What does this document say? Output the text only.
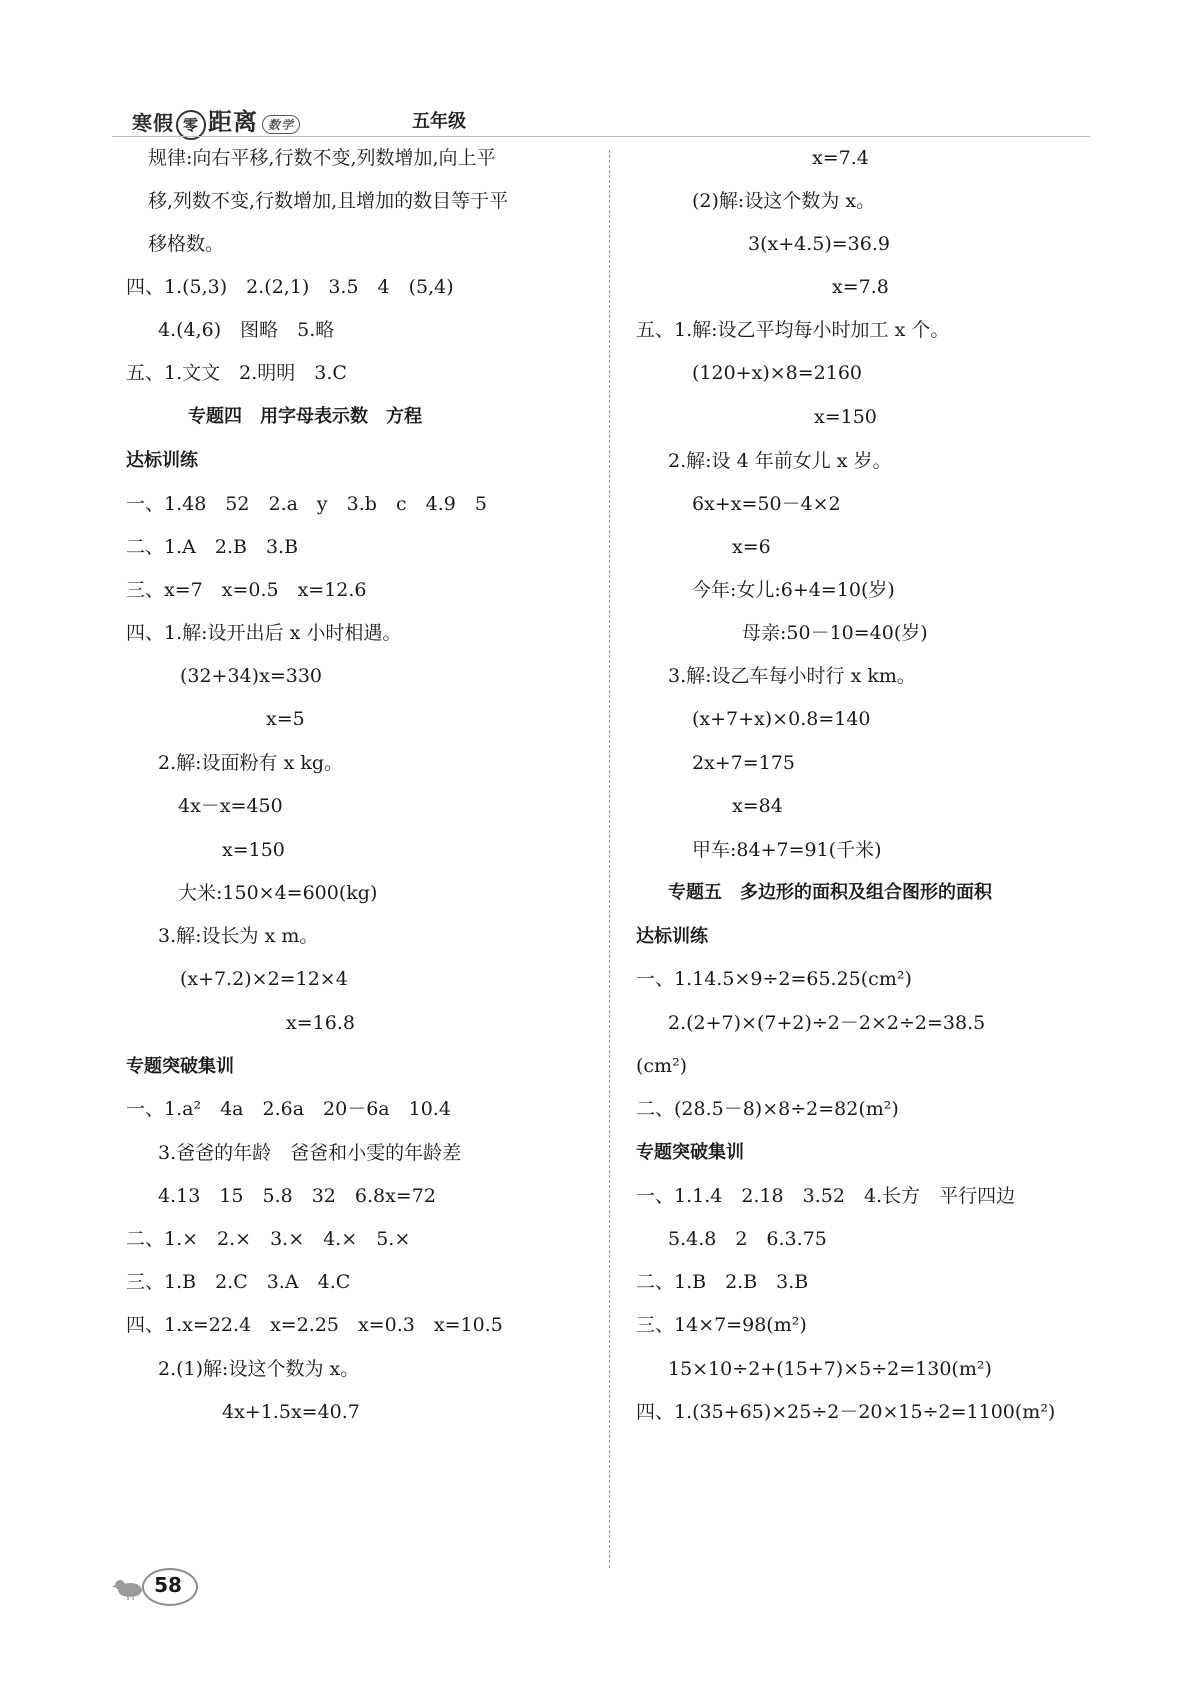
寒假 零 距离 数学	五年级
规律:向右平移,行数不变,列数增加,向上平
移,列数不变,行数增加,且增加的数目等于平
移格数。
四、1.(5,3)　2.(2,1)　3.5　4　(5,4)
4.(4,6)　图略　5.略
五、1.文文　2.明明　3.C
专题四　用字母表示数　方程
达标训练
一、1.48　52　2.a　y　3.b　c　4.9　5
二、1.A　2.B　3.B
三、x=7　x=0.5　x=12.6
四、1.解:设开出后 x 小时相遇。
(32+34)x=330
x=5
2.解:设面粉有 x kg。
4x－x=450
x=150
大米:150×4=600(kg)
3.解:设长为 x m。
(x+7.2)×2=12×4
x=16.8
专题突破集训
一、1.a²　4a　2.6a　20－6a　10.4
3.爸爸的年龄　爸爸和小雯的年龄差
4.13　15　5.8　32　6.8x=72
二、1.×　2.×　3.×　4.×　5.×
三、1.B　2.C　3.A　4.C
四、1.x=22.4　x=2.25　x=0.3　x=10.5
2.(1)解:设这个数为 x。
4x+1.5x=40.7
x=7.4
(2)解:设这个数为 x。
3(x+4.5)=36.9
x=7.8
五、1.解:设乙平均每小时加工 x 个。
(120+x)×8=2160
x=150
2.解:设 4 年前女儿 x 岁。
6x+x=50－4×2
x=6
今年:女儿:6+4=10(岁)
母亲:50－10=40(岁)
3.解:设乙车每小时行 x km。
(x+7+x)×0.8=140
2x+7=175
x=84
甲车:84+7=91(千米)
专题五　多边形的面积及组合图形的面积
达标训练
一、1.14.5×9÷2=65.25(cm²)
2.(2+7)×(7+2)÷2－2×2÷2=38.5
(cm²)
二、(28.5－8)×8÷2=82(m²)
专题突破集训
一、1.1.4　2.18　3.52　4.长方　平行四边
5.4.8　2　6.3.75
二、1.B　2.B　3.B
三、14×7=98(m²)
15×10÷2+(15+7)×5÷2=130(m²)
四、1.(35+65)×25÷2－20×15÷2=1100(m²)
58
